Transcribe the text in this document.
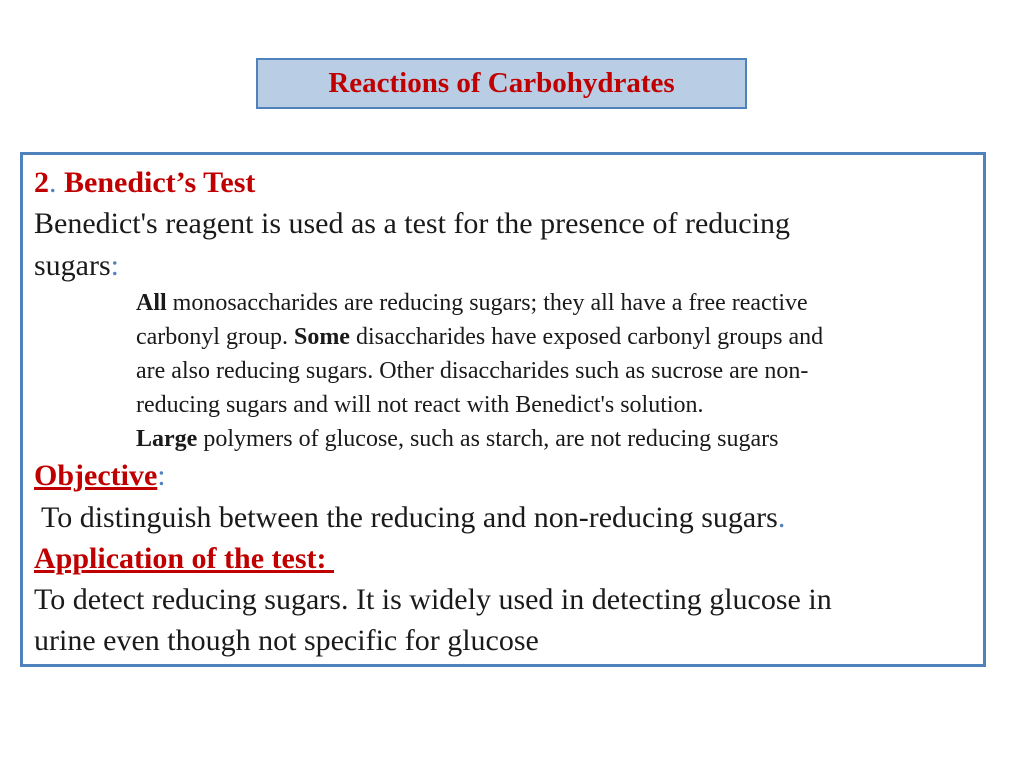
Reactions of Carbohydrates
2. Benedict’s Test
Benedict's reagent is used as a test for the presence of reducing
sugars:
All monosaccharides are reducing sugars; they all have a free reactive
carbonyl group. Some disaccharides have exposed carbonyl groups and
are also reducing sugars. Other disaccharides such as sucrose are non-
reducing sugars and will not react with Benedict's solution.
Large polymers of glucose, such as starch, are not reducing sugars
Objective:
To distinguish between the reducing and non-reducing sugars.
Application of the test:
To detect reducing sugars. It is widely used in detecting glucose in
urine even though not specific for glucose
